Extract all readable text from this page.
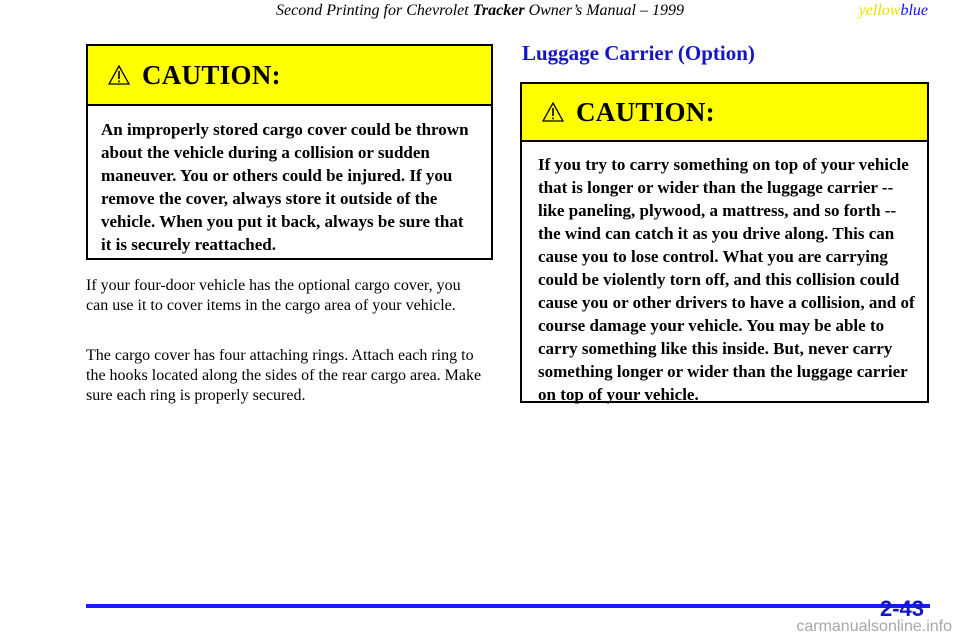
Second Printing for Chevrolet Tracker Owner’s Manual – 1999	yellowblue
CAUTION:
An improperly stored cargo cover could be thrown about the vehicle during a collision or sudden maneuver. You or others could be injured. If you remove the cover, always store it outside of the vehicle. When you put it back, always be sure that it is securely reattached.
If your four-door vehicle has the optional cargo cover, you can use it to cover items in the cargo area of your vehicle.
The cargo cover has four attaching rings. Attach each ring to the hooks located along the sides of the rear cargo area. Make sure each ring is properly secured.
Luggage Carrier (Option)
CAUTION:
If you try to carry something on top of your vehicle that is longer or wider than the luggage carrier -- like paneling, plywood, a mattress, and so forth -- the wind can catch it as you drive along. This can cause you to lose control. What you are carrying could be violently torn off, and this collision could cause you or other drivers to have a collision, and of course damage your vehicle. You may be able to carry something like this inside. But, never carry something longer or wider than the luggage carrier on top of your vehicle.
2-43
carmanualsonline.info
